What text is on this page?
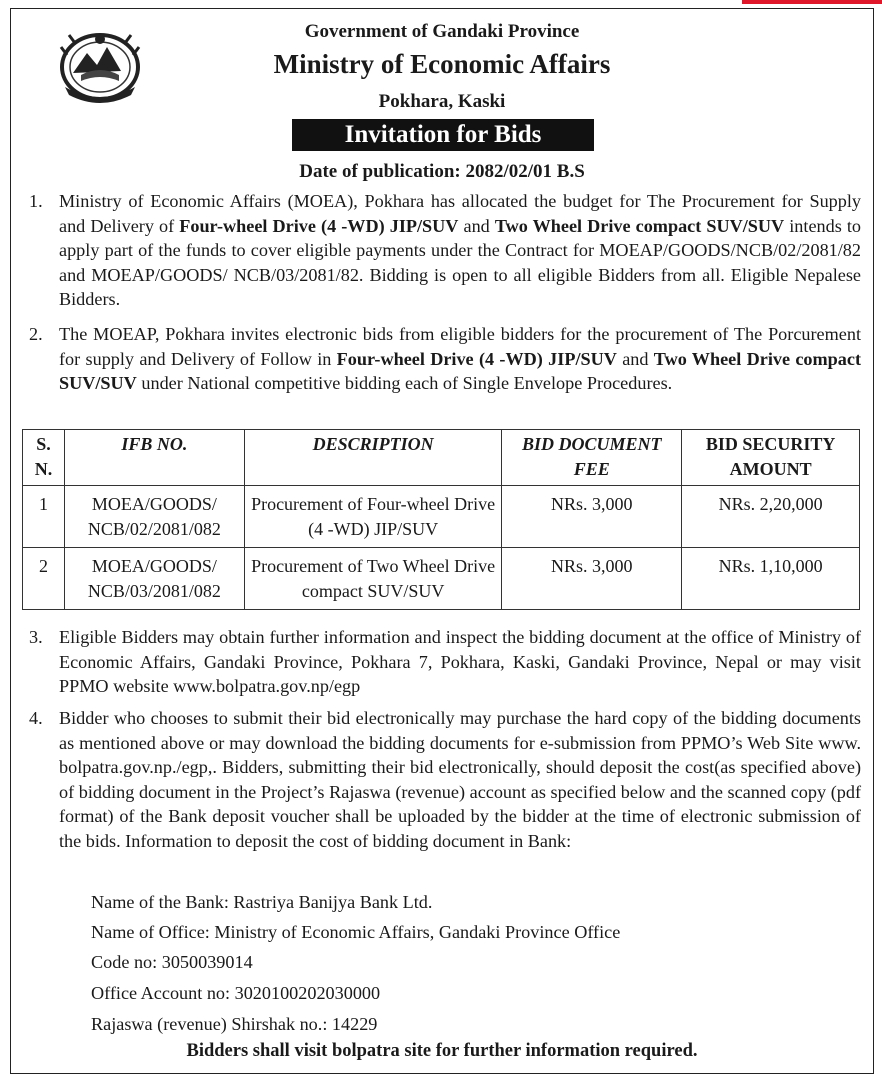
Government of Gandaki Province
Ministry of Economic Affairs
Pokhara, Kaski
Invitation for Bids
Date of publication: 2082/02/01 B.S
1. Ministry of Economic Affairs (MOEA), Pokhara has allocated the budget for The Procurement for Supply and Delivery of Four-wheel Drive (4 -WD) JIP/SUV and Two Wheel Drive compact SUV/SUV intends to apply part of the funds to cover eligible payments under the Contract for MOEAP/GOODS/NCB/02/2081/82 and MOEAP/GOODS/ NCB/03/2081/82. Bidding is open to all eligible Bidders from all. Eligible Nepalese Bidders.
2. The MOEAP, Pokhara invites electronic bids from eligible bidders for the procurement of The Porcurement for supply and Delivery of Follow in Four-wheel Drive (4 -WD) JIP/SUV and Two Wheel Drive compact SUV/SUV under National competitive bidding each of Single Envelope Procedures.
S. N.	IFB NO.	DESCRIPTION	BID DOCUMENT FEE	BID SECURITY AMOUNT
1	MOEA/GOODS/ NCB/02/2081/082	Procurement of Four-wheel Drive (4 -WD) JIP/SUV	NRs. 3,000	NRs. 2,20,000
2	MOEA/GOODS/ NCB/03/2081/082	Procurement of Two Wheel Drive compact SUV/SUV	NRs. 3,000	NRs. 1,10,000
3. Eligible Bidders may obtain further information and inspect the bidding document at the office of Ministry of Economic Affairs, Gandaki Province, Pokhara 7, Pokhara, Kaski, Gandaki Province, Nepal or may visit PPMO website www.bolpatra.gov.np/egp
4. Bidder who chooses to submit their bid electronically may purchase the hard copy of the bidding documents as mentioned above or may download the bidding documents for e-submission from PPMO’s Web Site www. bolpatra.gov.np./egp,. Bidders, submitting their bid electronically, should deposit the cost(as specified above) of bidding document in the Project’s Rajaswa (revenue) account as specified below and the scanned copy (pdf format) of the Bank deposit voucher shall be uploaded by the bidder at the time of electronic submission of the bids. Information to deposit the cost of bidding document in Bank:
Name of the Bank: Rastriya Banijya Bank Ltd.
Name of Office: Ministry of Economic Affairs, Gandaki Province Office
Code no: 3050039014
Office Account no: 3020100202030000
Rajaswa (revenue) Shirshak no.: 14229
Bidders shall visit bolpatra site for further information required.
